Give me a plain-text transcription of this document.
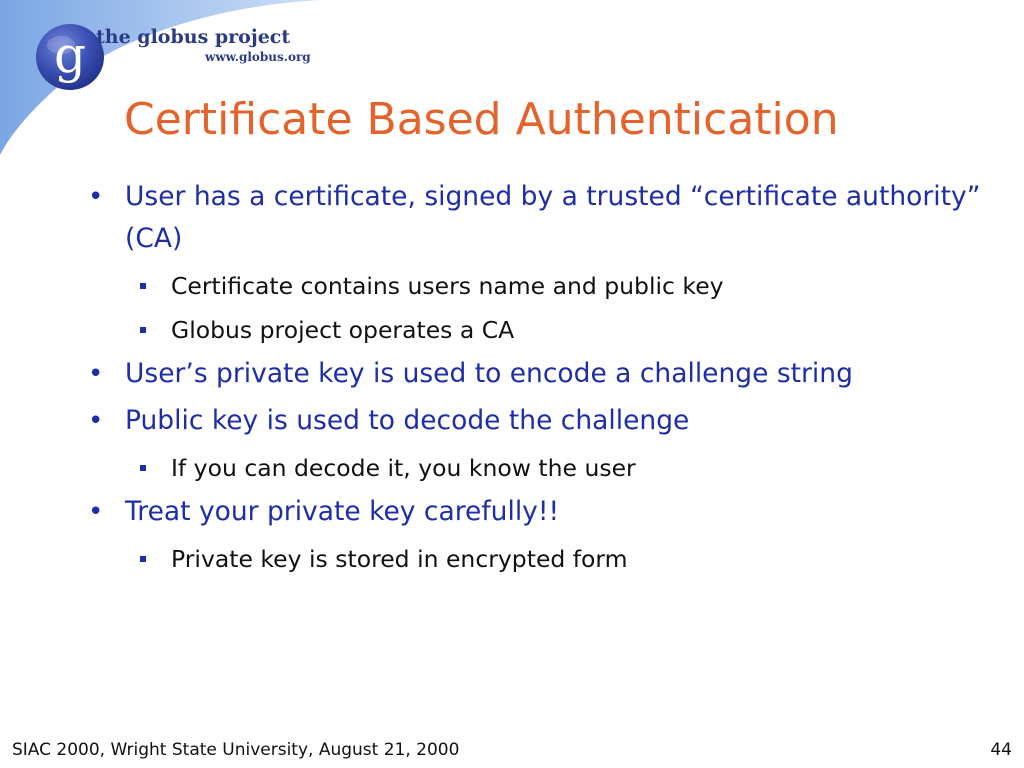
g the globus project
www.globus.org
Certificate Based Authentication
• User has a certificate, signed by a trusted “certificate authority” (CA)
Certificate contains users name and public key
Globus project operates a CA
• User’s private key is used to encode a challenge string
• Public key is used to decode the challenge
If you can decode it, you know the user
• Treat your private key carefully!!
Private key is stored in encrypted form
SIAC 2000, Wright State University, August 21, 2000	44
